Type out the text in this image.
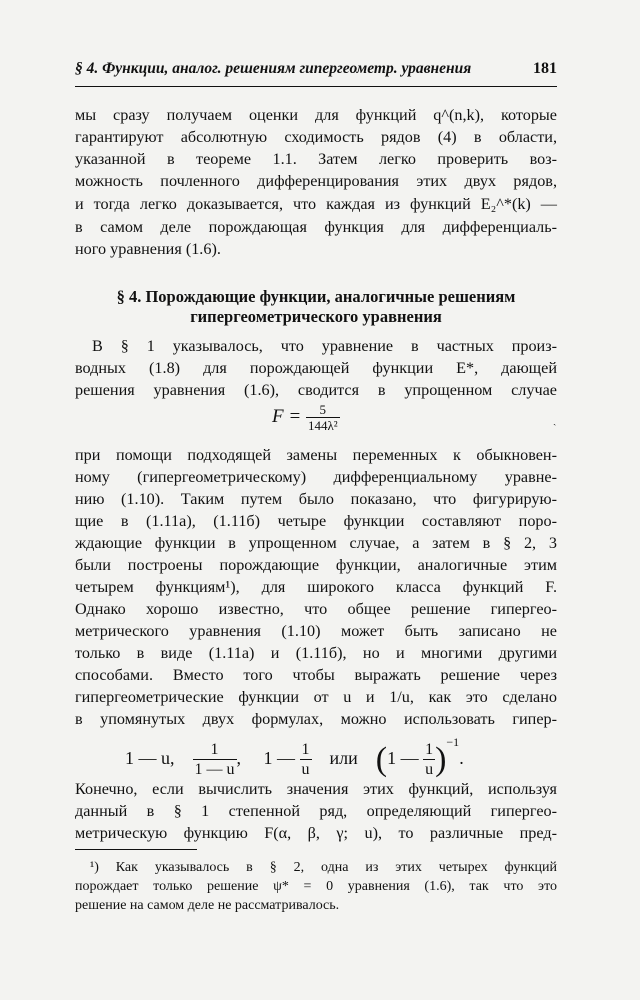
§ 4. Функции, аналог. решениям гипергеометр. уравнения	181
мы сразу получаем оценки для функций q^(n,k), которые
гарантируют абсолютную сходимость рядов (4) в области,
указанной в теореме 1.1. Затем легко проверить воз-
можность почленного дифференцирования этих двух рядов,
и тогда легко доказывается, что каждая из функций E₂^*(k) —
в самом деле порождающая функция для дифференциаль-
ного уравнения (1.6).
§ 4. Порождающие функции, аналогичные решениям
гипергеометрического уравнения
В § 1 указывалось, что уравнение в частных произ-
водных (1.8) для порождающей функции E*, дающей
решения уравнения (1.6), сводится в упрощенном случае
$F = \frac{5}{\text{144λ²}}$	ˏ
при помощи подходящей замены переменных к обыкновен-
ному (гипергеометрическому) дифференциальному уравне-
нию (1.10). Таким путем было показано, что фигурирую-
щие в (1.11а), (1.11б) четыре функции составляют поро-
ждающие функции в упрощенном случае, а затем в § 2, 3
были построены порождающие функции, аналогичные этим
четырем функциям¹), для широкого класса функций F.
Однако хорошо известно, что общее решение гипергео-
метрического уравнения (1.10) может быть записано не
только в виде (1.11а) и (1.11б), но и многими другими
способами. Вместо того чтобы выражать решение через
гипергеометрические функции от u и 1/u, как это сделано
в упомянутых двух формулах, можно использовать гипер-
1 — u, $\frac{1}{1 — u}$ ,     1 — $\frac{1}{u}$ или (1 — $\frac{1}{u} )^{-1}$.
Конечно, если вычислить значения этих функций, используя
данный в § 1 степенной ряд, определяющий гипергео-
метрическую функцию F(α, β, γ; u), то различные пред-
¹) Как указывалось в § 2, одна из этих четырех функций
порождает только решение ψ* = 0 уравнения (1.6), так что это
решение на самом деле не рассматривалось.
